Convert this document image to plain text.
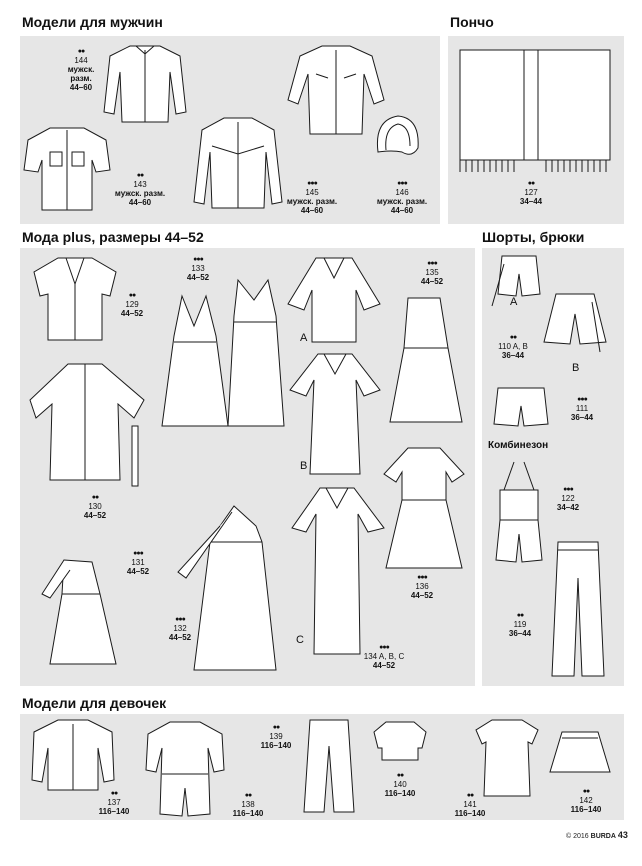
Модели для мужчин	Пончо
Мода plus, размеры 44–52	Шорты, брюки
Модели для девочек
●●
144
мужск. разм.
44–60
●●
143
мужск. разм.
44–60
●●●
145
мужск. разм.
44–60
●●●
146
мужск. разм.
44–60
●●
127
34–44
●●
129
44–52
●●
130
44–52
●●●
131
44–52
●●●
133
44–52
●●●
132
44–52
A
B
C
●●●
134 A, B, C
44–52
●●●
135
44–52
●●●
136
44–52
A
B
●●
110 A, B
36–44
●●●
111
36–44
Комбинезон
●●●
122
34–42
●●
119
36–44
●●
137
116–140
●●
138
116–140
●●
139
116–140
●●
140
116–140	●●
141
116–140
●●
142
116–140
© 2016 BURDA 43
